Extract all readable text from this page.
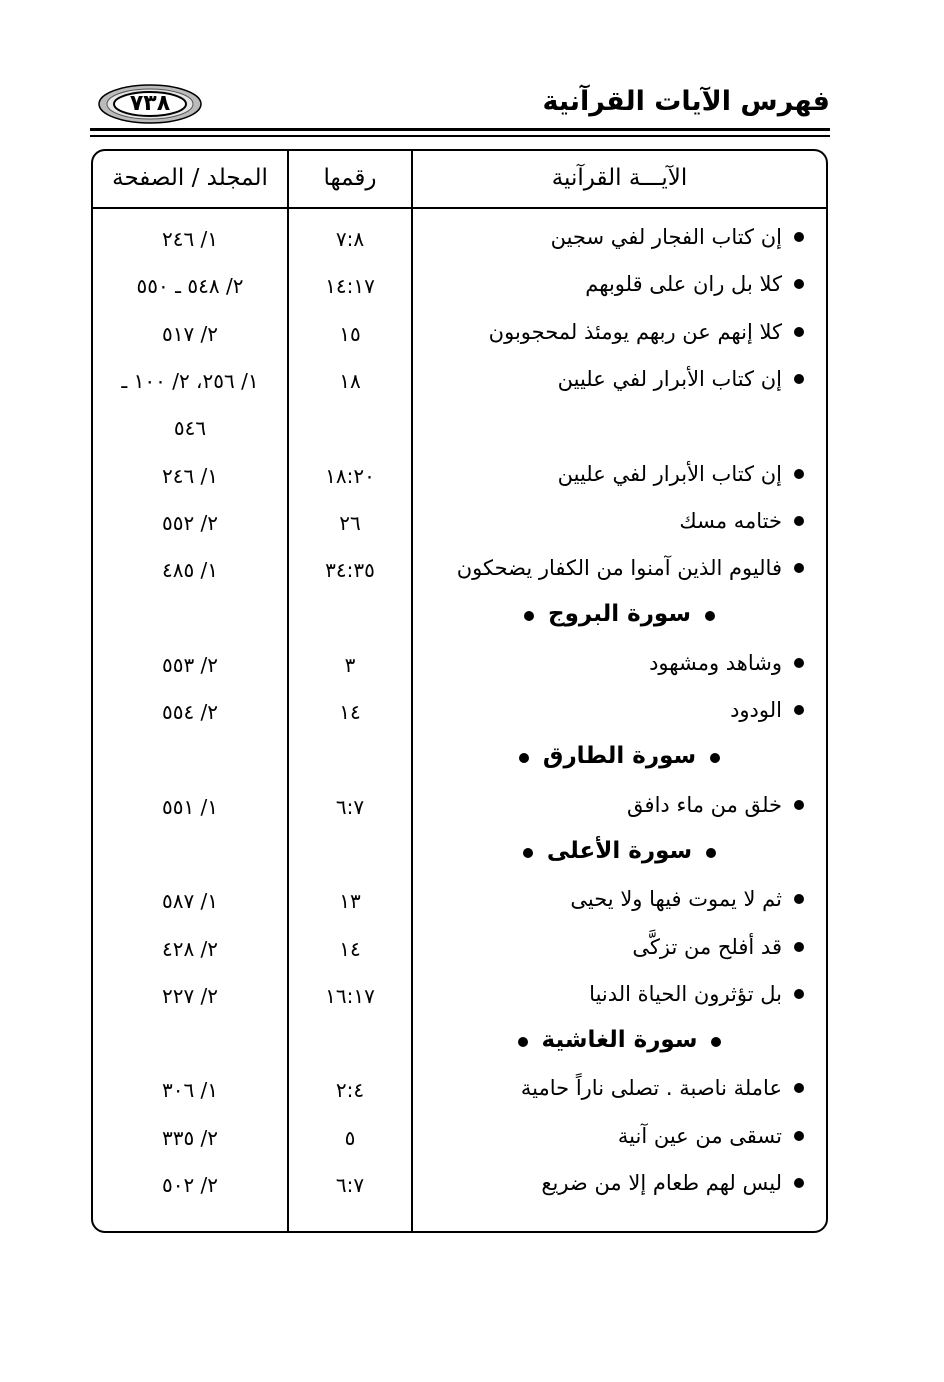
٧٣٨	فهرس الآيات القرآنية
المجلد / الصفحة	رقمها	الآيـــة القرآنية
١/ ٢٤٦	٧:٨	إن كتاب الفجار لفي سجين
٢/ ٥٤٨ ـ ٥٥٠	١٤:١٧	كلا بل ران على قلوبهم
٢/ ٥١٧	١٥	كلا إنهم عن ربهم يومئذ لمحجوبون
١/ ٢٥٦، ٢/ ١٠٠ ـ	١٨	إن كتاب الأبرار لفي عليين
٥٤٦
١/ ٢٤٦	١٨:٢٠	إن كتاب الأبرار لفي عليين
٢/ ٥٥٢	٢٦	ختامه مسك
١/ ٤٨٥	٣٤:٣٥	فاليوم الذين آمنوا من الكفار يضحكون
سورة البروج
٢/ ٥٥٣	٣	وشاهد ومشهود
٢/ ٥٥٤	١٤	الودود
سورة الطارق
١/ ٥٥١	٦:٧	خلق من ماء دافق
سورة الأعلى
١/ ٥٨٧	١٣	ثم لا يموت فيها ولا يحيى
٢/ ٤٢٨	١٤	قد أفلح من تزكَّى
٢/ ٢٢٧	١٦:١٧	بل تؤثرون الحياة الدنيا
سورة الغاشية
١/ ٣٠٦	٢:٤	عاملة ناصبة . تصلى ناراً حامية
٢/ ٣٣٥	٥	تسقى من عين آنية
٢/ ٥٠٢	٦:٧	ليس لهم طعام إلا من ضريع
